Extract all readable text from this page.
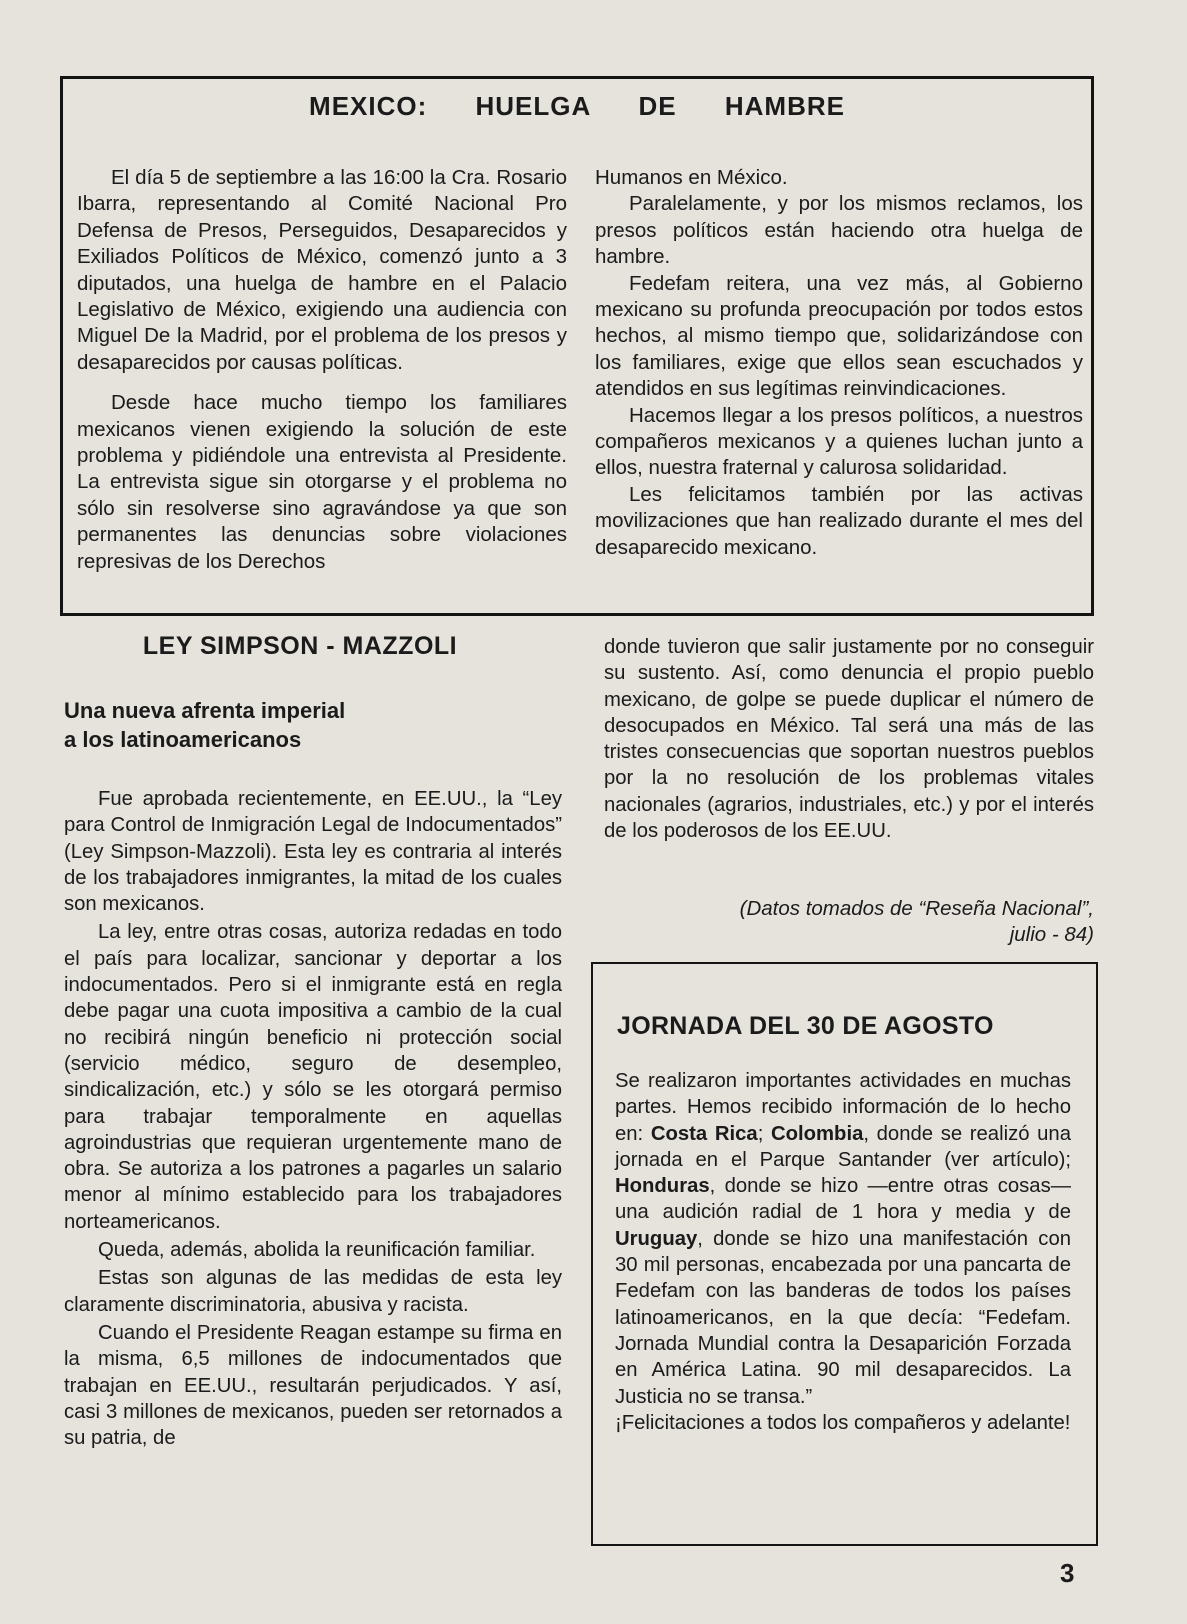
MEXICO: HUELGA DE HAMBRE

El día 5 de septiembre a las 16:00 la Cra. Rosario Ibarra, representando al Comité Nacional Pro Defensa de Presos, Perseguidos, Desaparecidos y Exiliados Políticos de México, comenzó junto a 3 diputados, una huelga de hambre en el Palacio Legislativo de México, exigiendo una audiencia con Miguel De la Madrid, por el problema de los presos y desaparecidos por causas políticas.

Desde hace mucho tiempo los familiares mexicanos vienen exigiendo la solución de este problema y pidiéndole una entrevista al Presidente. La entrevista sigue sin otorgarse y el problema no sólo sin resolverse sino agravándose ya que son permanentes las denuncias sobre violaciones represivas de los Derechos

Humanos en México.

Paralelamente, y por los mismos reclamos, los presos políticos están haciendo otra huelga de hambre.

Fedefam reitera, una vez más, al Gobierno mexicano su profunda preocupación por todos estos hechos, al mismo tiempo que, solidarizándose con los familiares, exige que ellos sean escuchados y atendidos en sus legítimas reinvindicaciones.

Hacemos llegar a los presos políticos, a nuestros compañeros mexicanos y a quienes luchan junto a ellos, nuestra fraternal y calurosa solidaridad.

Les felicitamos también por las activas movilizaciones que han realizado durante el mes del desaparecido mexicano.

LEY SIMPSON - MAZZOLI
Una nueva afrenta imperial
a los latinoamericanos

Fue aprobada recientemente, en EE.UU., la “Ley para Control de Inmigración Legal de Indocumentados” (Ley Simpson-Mazzoli). Esta ley es contraria al interés de los trabajadores inmigrantes, la mitad de los cuales son mexicanos.

La ley, entre otras cosas, autoriza redadas en todo el país para localizar, sancionar y deportar a los indocumentados. Pero si el inmigrante está en regla debe pagar una cuota impositiva a cambio de la cual no recibirá ningún beneficio ni protección social (servicio médico, seguro de desempleo, sindicalización, etc.) y sólo se les otorgará permiso para trabajar temporalmente en aquellas agroindustrias que requieran urgentemente mano de obra. Se autoriza a los patrones a pagarles un salario menor al mínimo establecido para los trabajadores norteamericanos.

Queda, además, abolida la reunificación familiar.

Estas son algunas de las medidas de esta ley claramente discriminatoria, abusiva y racista.

Cuando el Presidente Reagan estampe su firma en la misma, 6,5 millones de indocumentados que trabajan en EE.UU., resultarán perjudicados. Y así, casi 3 millones de mexicanos, pueden ser retornados a su patria, de

donde tuvieron que salir justamente por no conseguir su sustento. Así, como denuncia el propio pueblo mexicano, de golpe se puede duplicar el número de desocupados en México. Tal será una más de las tristes consecuencias que soportan nuestros pueblos por la no resolución de los problemas vitales nacionales (agrarios, industriales, etc.) y por el interés de los poderosos de los EE.UU.

(Datos tomados de “Reseña Nacional”,
julio - 84)
JORNADA DEL 30 DE AGOSTO

Se realizaron importantes actividades en muchas partes. Hemos recibido información de lo hecho en: Costa Rica; Colombia, donde se realizó una jornada en el Parque Santander (ver artículo); Honduras, donde se hizo —entre otras cosas— una audición radial de 1 hora y media y de Uruguay, donde se hizo una manifestación con 30 mil personas, encabezada por una pancarta de Fedefam con las banderas de todos los países latinoamericanos, en la que decía: “Fedefam. Jornada Mundial contra la Desaparición Forzada en América Latina. 90 mil desaparecidos. La Justicia no se transa.”

¡Felicitaciones a todos los compañeros y adelante!

3
